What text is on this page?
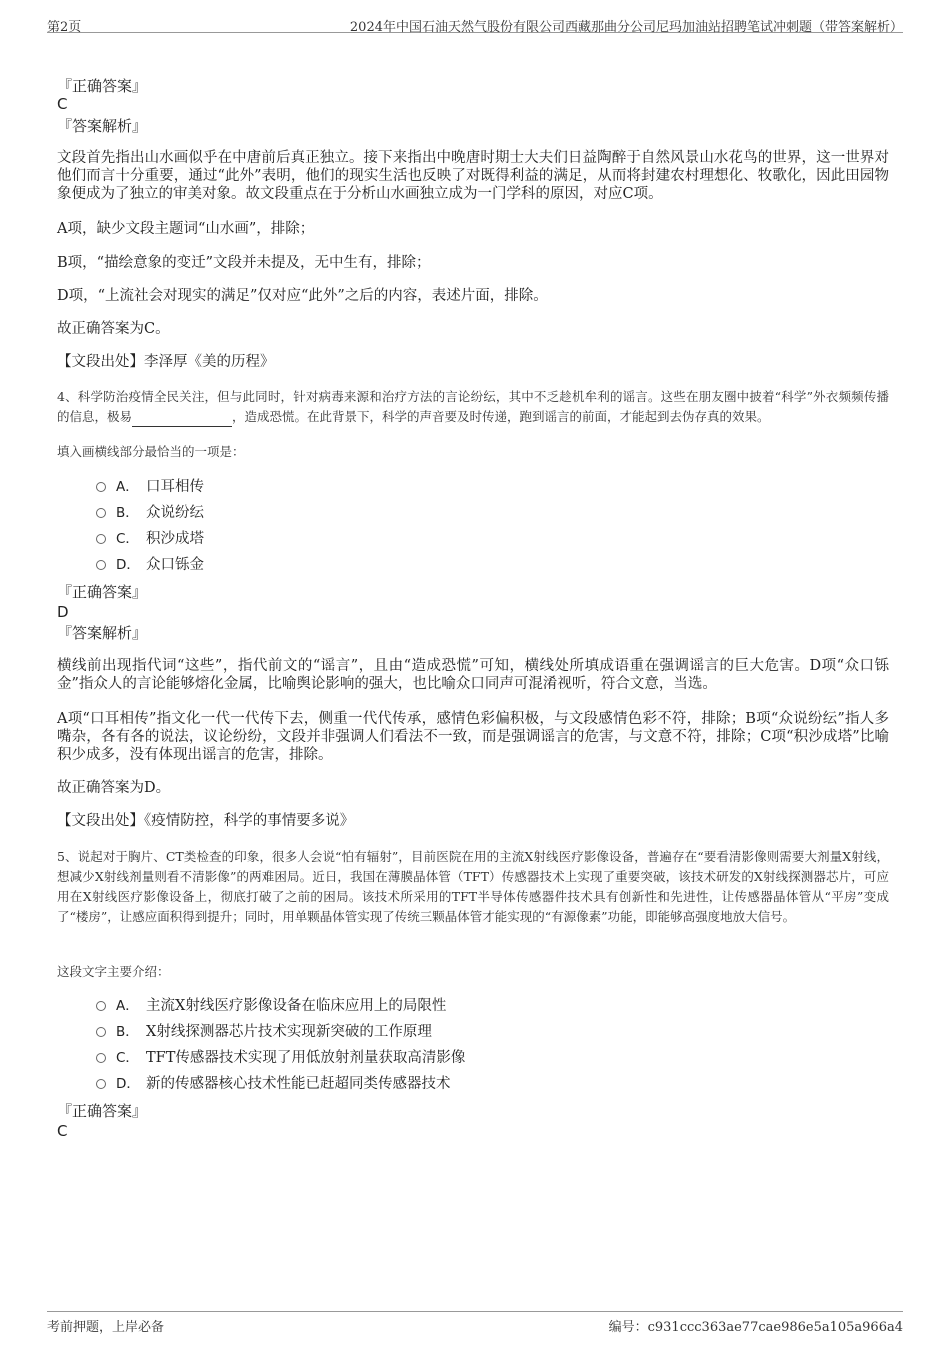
第2页	2024年中国石油天然气股份有限公司西藏那曲分公司尼玛加油站招聘笔试冲刺题（带答案解析）
『正确答案』
C
『答案解析』
文段首先指出山水画似乎在中唐前后真正独立。接下来指出中晚唐时期士大夫们日益陶醉于自然风景山水花鸟的世界，这一世界对他们而言十分重要，通过“此外”表明，他们的现实生活也反映了对既得利益的满足，从而将封建农村理想化、牧歌化，因此田园物象便成为了独立的审美对象。故文段重点在于分析山水画独立成为一门学科的原因，对应C项。
A项，缺少文段主题词“山水画”，排除；
B项，“描绘意象的变迁”文段并未提及，无中生有，排除；
D项，“上流社会对现实的满足”仅对应“此外”之后的内容，表述片面，排除。
故正确答案为C。
【文段出处】李泽厚《美的历程》
4、科学防治疫情全民关注，但与此同时，针对病毒来源和治疗方法的言论纷纭，其中不乏趁机牟利的谣言。这些在朋友圈中披着“科学”外衣频频传播的信息，极易	，造成恐慌。在此背景下，科学的声音要及时传递，跑到谣言的前面，才能起到去伪存真的效果。
填入画横线部分最恰当的一项是：
A． 口耳相传
B． 众说纷纭
C． 积沙成塔
D． 众口铄金
『正确答案』
D
『答案解析』
横线前出现指代词“这些”，指代前文的“谣言”，且由“造成恐慌”可知，横线处所填成语重在强调谣言的巨大危害。D项“众口铄金”指众人的言论能够熔化金属，比喻舆论影响的强大，也比喻众口同声可混淆视听，符合文意，当选。
A项“口耳相传”指文化一代一代传下去，侧重一代代传承，感情色彩偏积极，与文段感情色彩不符，排除；B项“众说纷纭”指人多嘴杂，各有各的说法，议论纷纷，文段并非强调人们看法不一致，而是强调谣言的危害，与文意不符，排除；C项“积沙成塔”比喻积少成多，没有体现出谣言的危害，排除。
故正确答案为D。
【文段出处】《疫情防控，科学的事情要多说》
5、说起对于胸片、CT类检查的印象，很多人会说“怕有辐射”，目前医院在用的主流X射线医疗影像设备，普遍存在“要看清影像则需要大剂量X射线，想减少X射线剂量则看不清影像”的两难困局。近日，我国在薄膜晶体管（TFT）传感器技术上实现了重要突破，该技术研发的X射线探测器芯片，可应用在X射线医疗影像设备上，彻底打破了之前的困局。该技术所采用的TFT半导体传感器件技术具有创新性和先进性，让传感器晶体管从“平房”变成了“楼房”，让感应面积得到提升；同时，用单颗晶体管实现了传统三颗晶体管才能实现的“有源像素”功能，即能够高强度地放大信号。
这段文字主要介绍：
A． 主流X射线医疗影像设备在临床应用上的局限性
B． X射线探测器芯片技术实现新突破的工作原理
C． TFT传感器技术实现了用低放射剂量获取高清影像
D． 新的传感器核心技术性能已赶超同类传感器技术
『正确答案』
C
考前押题，上岸必备	编号：c931ccc363ae77cae986e5a105a966a4
